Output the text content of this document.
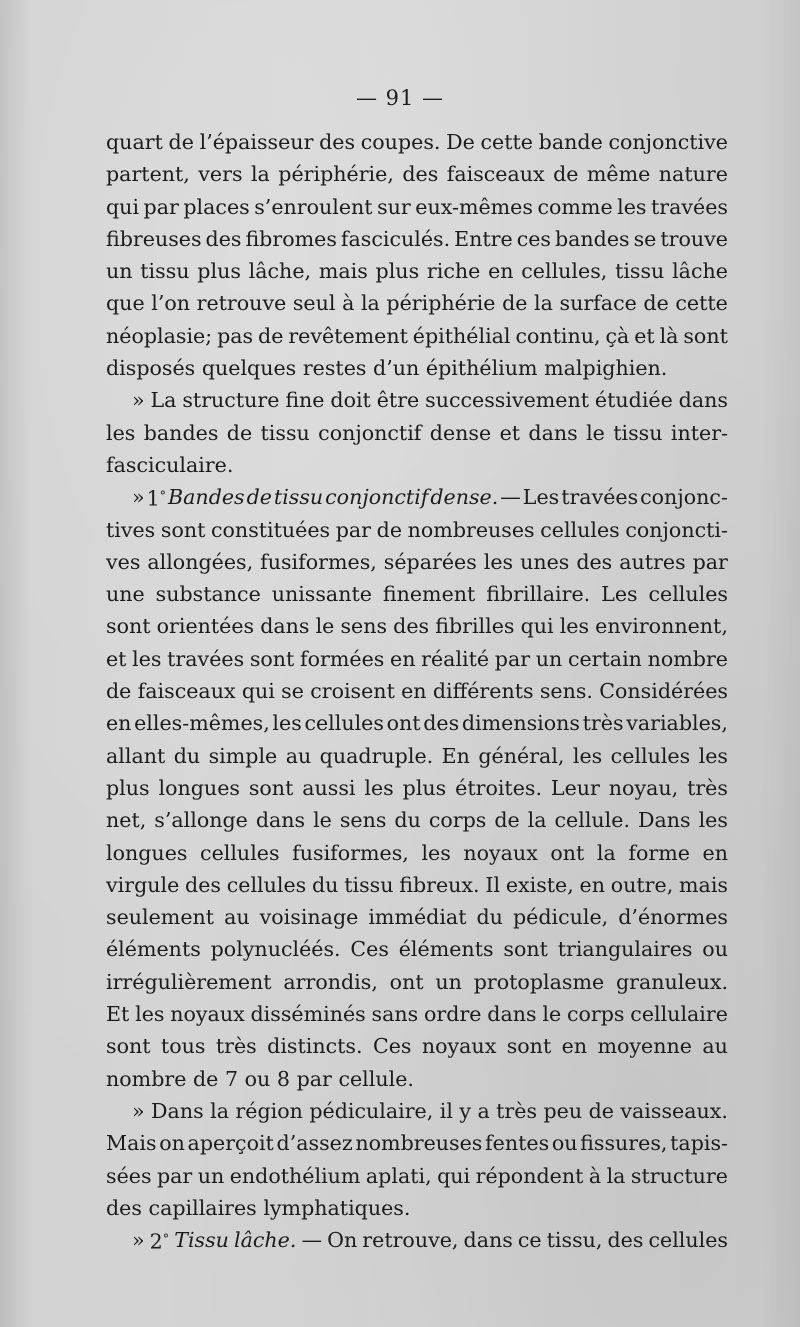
— 91 —
quart de l’épaisseur des coupes. De cette bande conjonctive
partent, vers la périphérie, des faisceaux de même nature
qui par places s’enroulent sur eux-mêmes comme les travées
fibreuses des fibromes fasciculés. Entre ces bandes se trouve
un tissu plus lâche, mais plus riche en cellules, tissu lâche
que l’on retrouve seul à la périphérie de la surface de cette
néoplasie; pas de revêtement épithélial continu, çà et là sont
disposés quelques restes d’un épithélium malpighien.
» La structure fine doit être successivement étudiée dans
les bandes de tissu conjonctif dense et dans le tissu inter-
fasciculaire.
» 1° Bandes de tissu conjonctif dense. — Les travées conjonc-
tives sont constituées par de nombreuses cellules conjoncti-
ves allongées, fusiformes, séparées les unes des autres par
une substance unissante finement fibrillaire. Les cellules
sont orientées dans le sens des fibrilles qui les environnent,
et les travées sont formées en réalité par un certain nombre
de faisceaux qui se croisent en différents sens. Considérées
en elles-mêmes, les cellules ont des dimensions très variables,
allant du simple au quadruple. En général, les cellules les
plus longues sont aussi les plus étroites. Leur noyau, très
net, s’allonge dans le sens du corps de la cellule. Dans les
longues cellules fusiformes, les noyaux ont la forme en
virgule des cellules du tissu fibreux. Il existe, en outre, mais
seulement au voisinage immédiat du pédicule, d’énormes
éléments polynucléés. Ces éléments sont triangulaires ou
irrégulièrement arrondis, ont un protoplasme granuleux.
Et les noyaux disséminés sans ordre dans le corps cellulaire
sont tous très distincts. Ces noyaux sont en moyenne au
nombre de 7 ou 8 par cellule.
» Dans la région pédiculaire, il y a très peu de vaisseaux.
Mais on aperçoit d’assez nombreuses fentes ou fissures, tapis-
sées par un endothélium aplati, qui répondent à la structure
des capillaires lymphatiques.
» 2° Tissu lâche. — On retrouve, dans ce tissu, des cellules
